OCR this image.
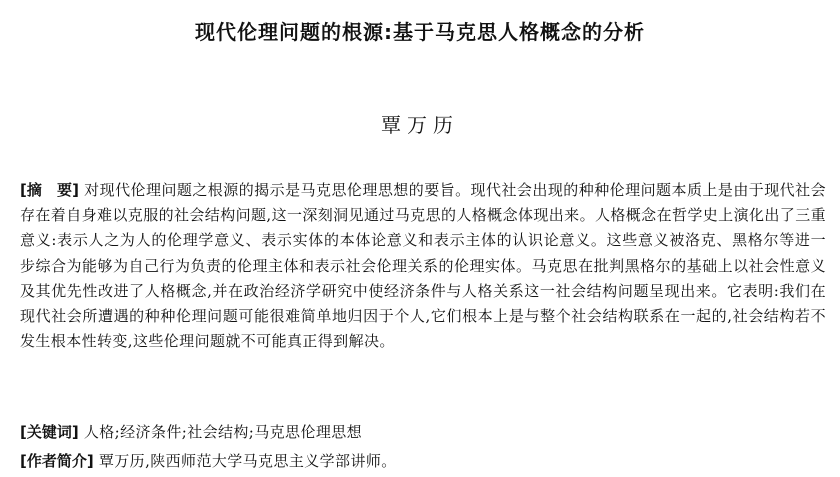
现代伦理问题的根源:基于马克思人格概念的分析
覃万历

[摘　要] 对现代伦理问题之根源的揭示是马克思伦理思想的要旨。现代社会出现的种种伦理问题本质上是由于现代社会存在着自身难以克服的社会结构问题,这一深刻洞见通过马克思的人格概念体现出来。人格概念在哲学史上演化出了三重意义:表示人之为人的伦理学意义、表示实体的本体论意义和表示主体的认识论意义。这些意义被洛克、黑格尔等进一步综合为能够为自己行为负责的伦理主体和表示社会伦理关系的伦理实体。马克思在批判黑格尔的基础上以社会性意义及其优先性改进了人格概念,并在政治经济学研究中使经济条件与人格关系这一社会结构问题呈现出来。它表明:我们在现代社会所遭遇的种种伦理问题可能很难简单地归因于个人,它们根本上是与整个社会结构联系在一起的,社会结构若不发生根本性转变,这些伦理问题就不可能真正得到解决。

[关键词] 人格;经济条件;社会结构;马克思伦理思想
[作者简介] 覃万历,陕西师范大学马克思主义学部讲师。
